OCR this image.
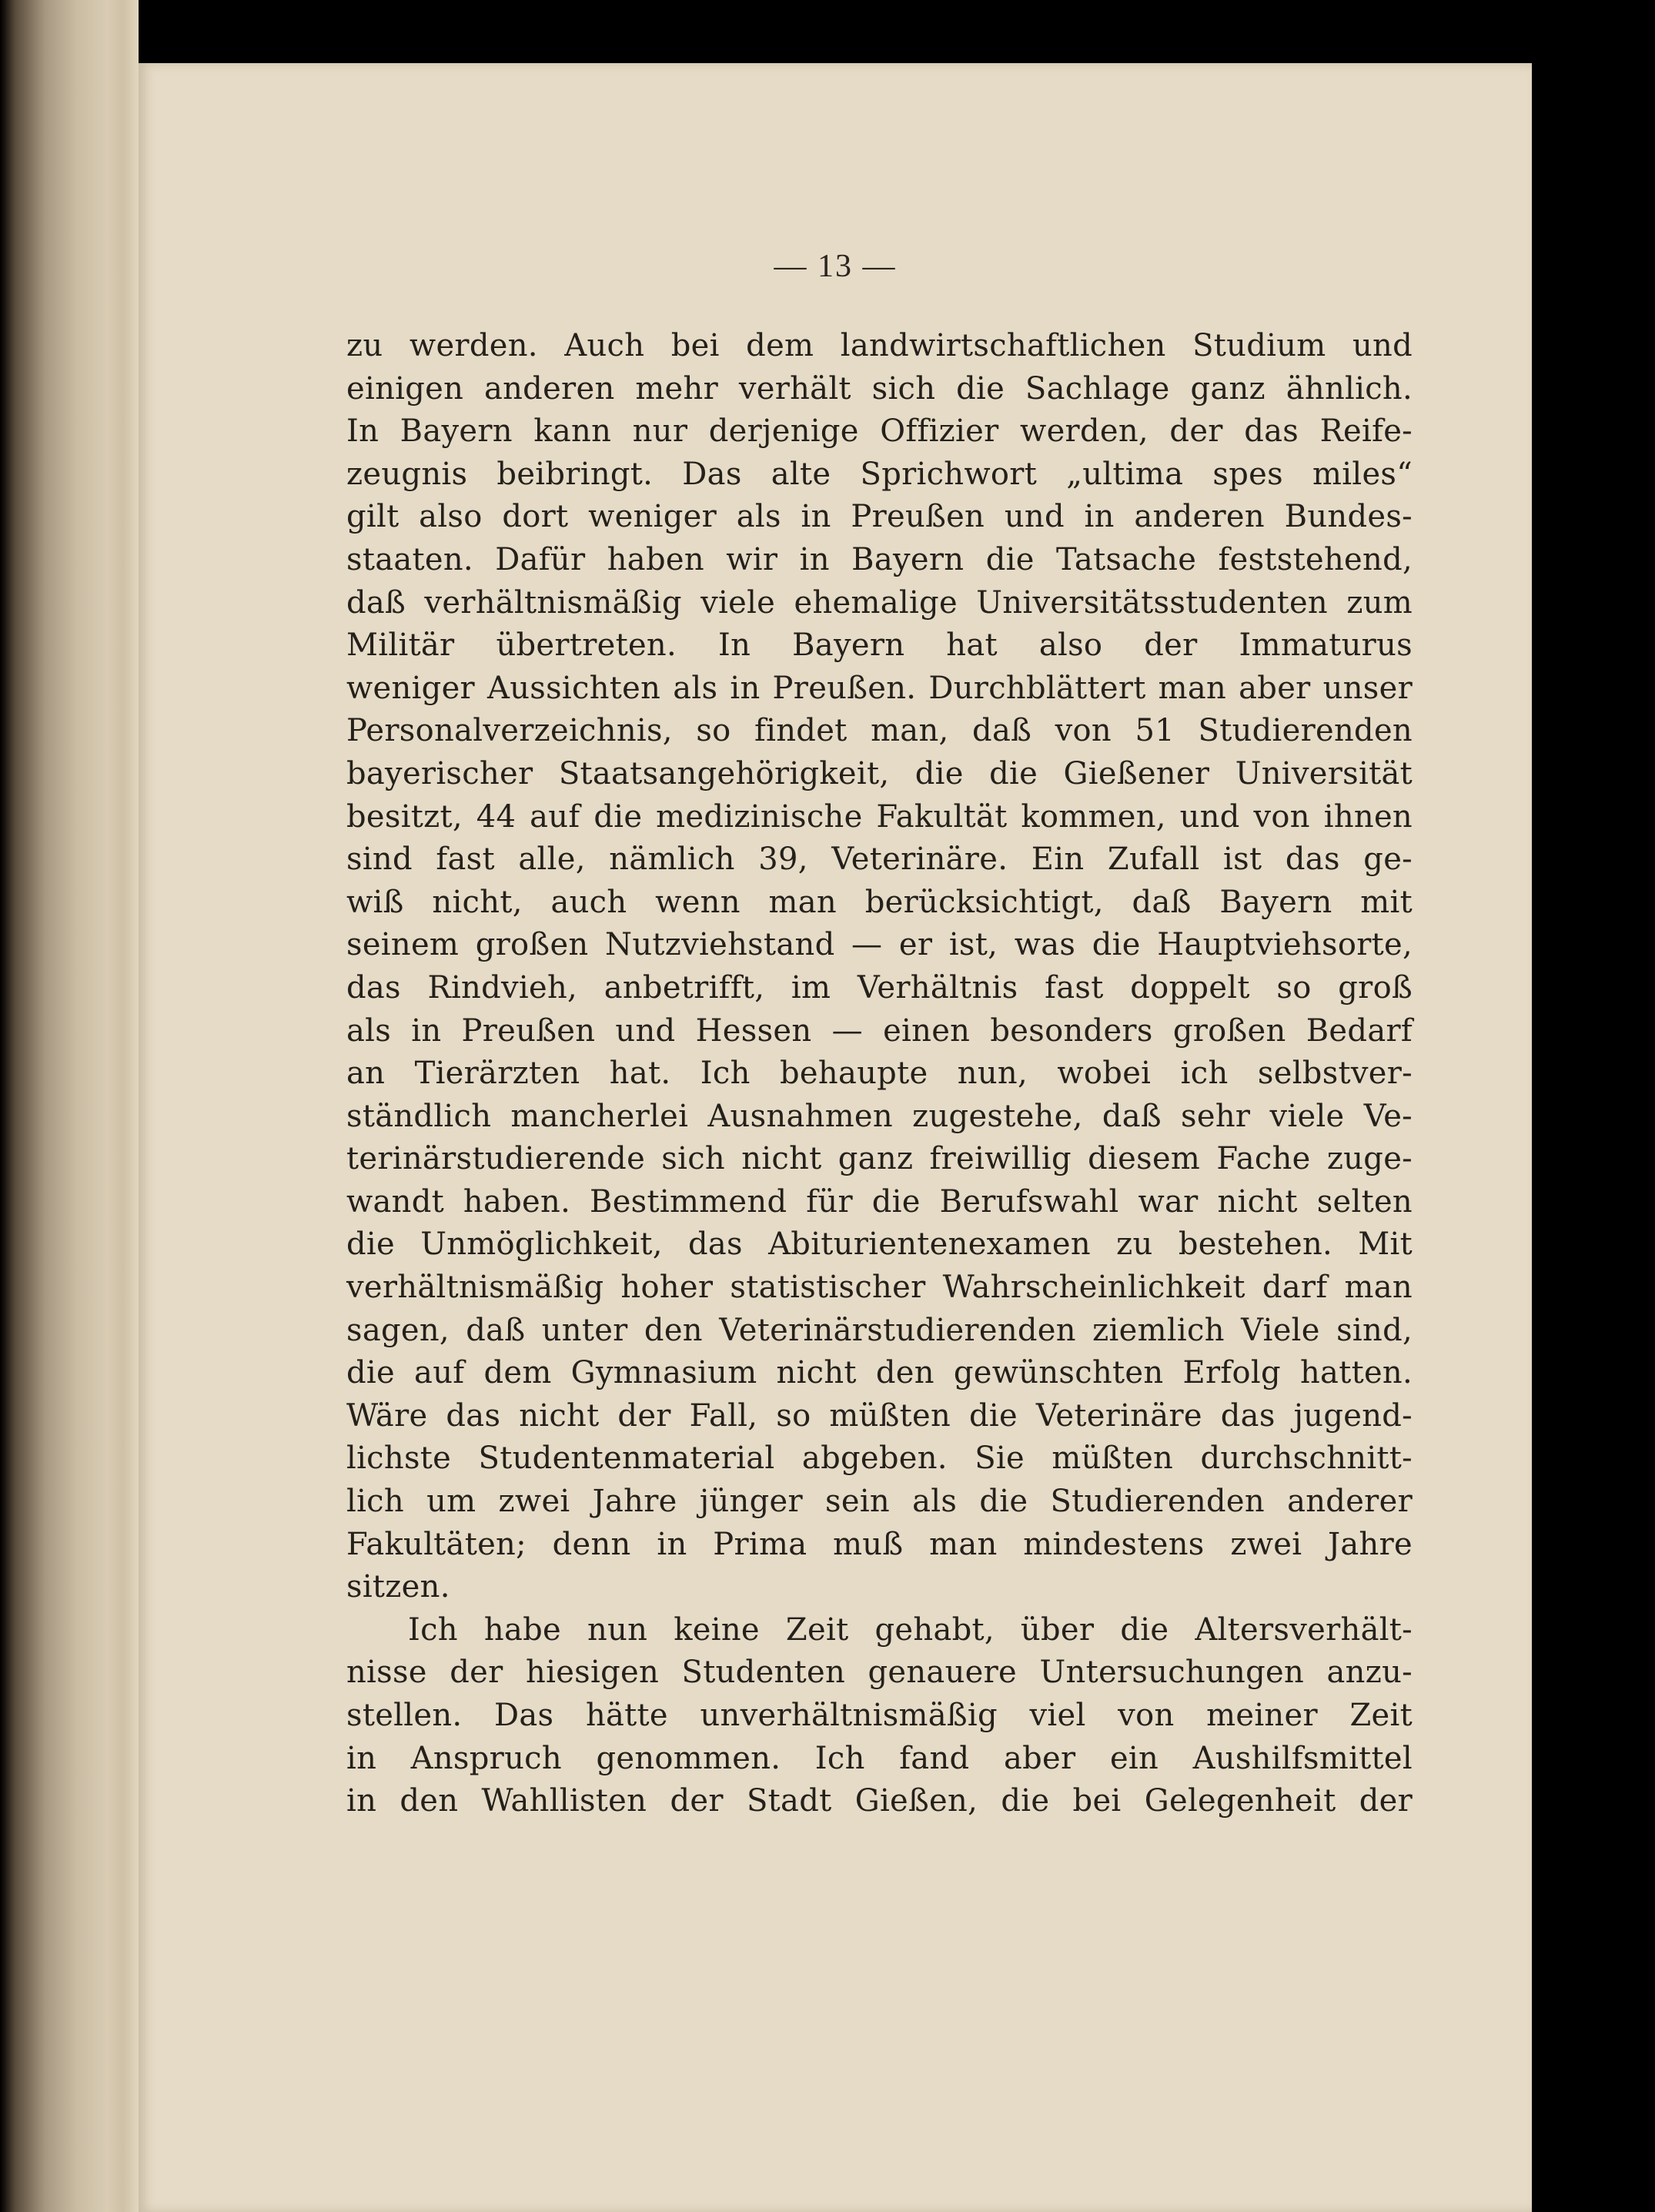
— 13 —
zu werden. Auch bei dem landwirtschaftlichen Studium und
einigen anderen mehr verhält sich die Sachlage ganz ähnlich.
In Bayern kann nur derjenige Offizier werden, der das Reife-
zeugnis beibringt. Das alte Sprichwort „ultima spes miles“
gilt also dort weniger als in Preußen und in anderen Bundes-
staaten. Dafür haben wir in Bayern die Tatsache feststehend,
daß verhältnismäßig viele ehemalige Universitätsstudenten zum
Militär übertreten. In Bayern hat also der Immaturus
weniger Aussichten als in Preußen. Durchblättert man aber unser
Personalverzeichnis, so findet man, daß von 51 Studierenden
bayerischer Staatsangehörigkeit, die die Gießener Universität
besitzt, 44 auf die medizinische Fakultät kommen, und von ihnen
sind fast alle, nämlich 39, Veterinäre. Ein Zufall ist das ge-
wiß nicht, auch wenn man berücksichtigt, daß Bayern mit
seinem großen Nutzviehstand — er ist, was die Hauptviehsorte,
das Rindvieh, anbetrifft, im Verhältnis fast doppelt so groß
als in Preußen und Hessen — einen besonders großen Bedarf
an Tierärzten hat. Ich behaupte nun, wobei ich selbstver-
ständlich mancherlei Ausnahmen zugestehe, daß sehr viele Ve-
terinärstudierende sich nicht ganz freiwillig diesem Fache zuge-
wandt haben. Bestimmend für die Berufswahl war nicht selten
die Unmöglichkeit, das Abiturientenexamen zu bestehen. Mit
verhältnismäßig hoher statistischer Wahrscheinlichkeit darf man
sagen, daß unter den Veterinärstudierenden ziemlich Viele sind,
die auf dem Gymnasium nicht den gewünschten Erfolg hatten.
Wäre das nicht der Fall, so müßten die Veterinäre das jugend-
lichste Studentenmaterial abgeben. Sie müßten durchschnitt-
lich um zwei Jahre jünger sein als die Studierenden anderer
Fakultäten; denn in Prima muß man mindestens zwei Jahre
sitzen.
Ich habe nun keine Zeit gehabt, über die Altersverhält-
nisse der hiesigen Studenten genauere Untersuchungen anzu-
stellen. Das hätte unverhältnismäßig viel von meiner Zeit
in Anspruch genommen. Ich fand aber ein Aushilfsmittel
in den Wahllisten der Stadt Gießen, die bei Gelegenheit der
